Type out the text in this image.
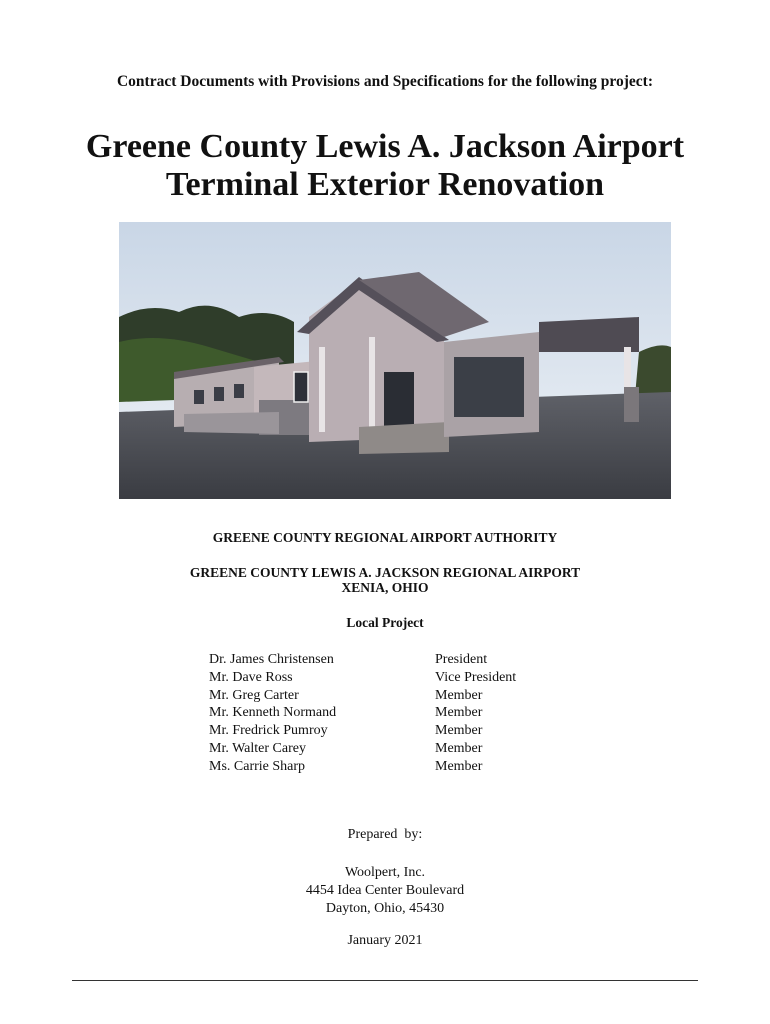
Contract Documents with Provisions and Specifications for the following project:
Greene County Lewis A. Jackson Airport
Terminal Exterior Renovation
GREENE COUNTY REGIONAL AIRPORT AUTHORITY
GREENE COUNTY LEWIS A. JACKSON REGIONAL AIRPORT
XENIA, OHIO
Local Project
Dr. James Christensen	President
Mr. Dave Ross	Vice President
Mr. Greg Carter	Member
Mr. Kenneth Normand	Member
Mr. Fredrick Pumroy	Member
Mr. Walter Carey	Member
Ms. Carrie Sharp	Member
Prepared  by:
Woolpert, Inc.
4454 Idea Center Boulevard
Dayton, Ohio, 45430
January 2021
